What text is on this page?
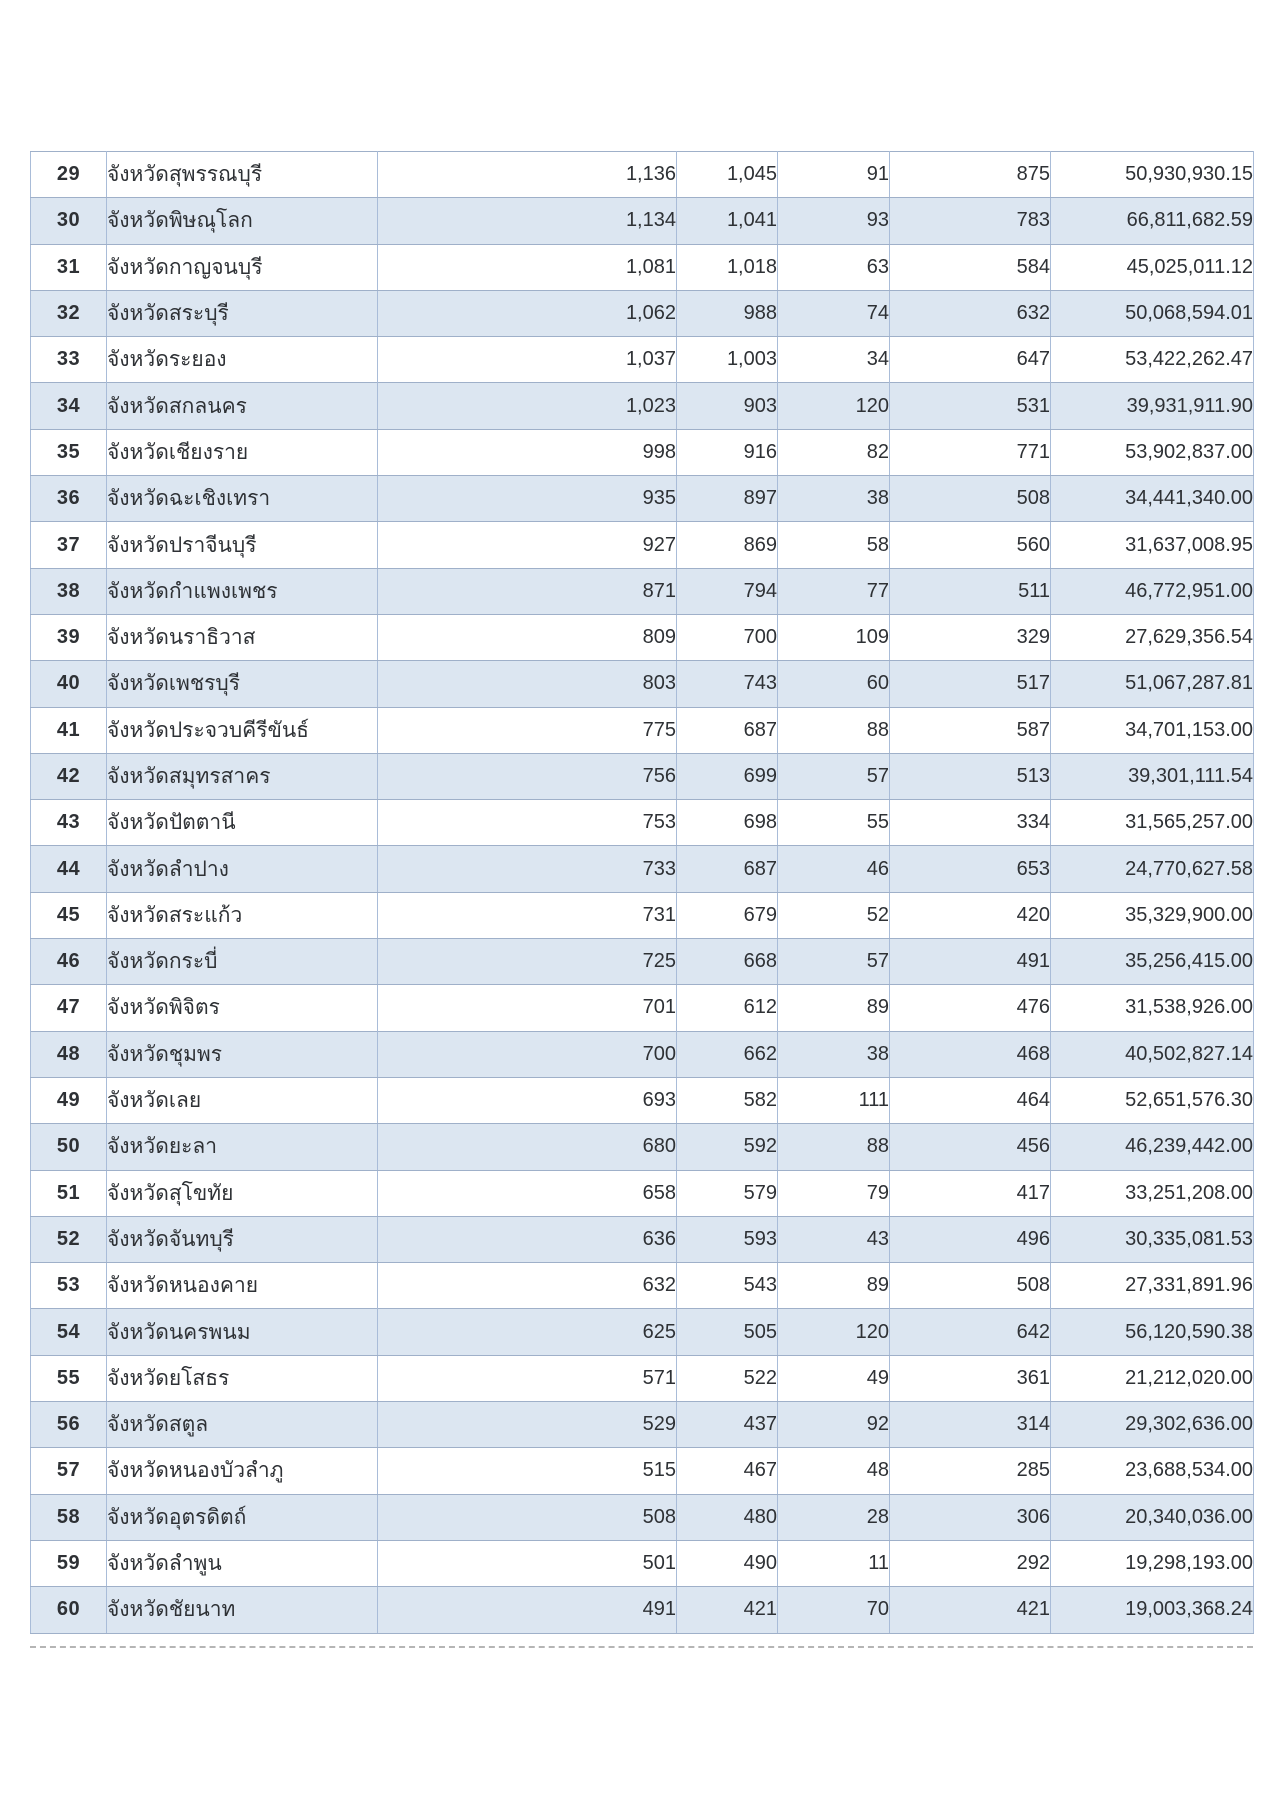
29	จังหวัดสุพรรณบุรี	1,136	1,045	91	875	50,930,930.15
30	จังหวัดพิษณุโลก	1,134	1,041	93	783	66,811,682.59
31	จังหวัดกาญจนบุรี	1,081	1,018	63	584	45,025,011.12
32	จังหวัดสระบุรี	1,062	988	74	632	50,068,594.01
33	จังหวัดระยอง	1,037	1,003	34	647	53,422,262.47
34	จังหวัดสกลนคร	1,023	903	120	531	39,931,911.90
35	จังหวัดเชียงราย	998	916	82	771	53,902,837.00
36	จังหวัดฉะเชิงเทรา	935	897	38	508	34,441,340.00
37	จังหวัดปราจีนบุรี	927	869	58	560	31,637,008.95
38	จังหวัดกำแพงเพชร	871	794	77	511	46,772,951.00
39	จังหวัดนราธิวาส	809	700	109	329	27,629,356.54
40	จังหวัดเพชรบุรี	803	743	60	517	51,067,287.81
41	จังหวัดประจวบคีรีขันธ์	775	687	88	587	34,701,153.00
42	จังหวัดสมุทรสาคร	756	699	57	513	39,301,111.54
43	จังหวัดปัตตานี	753	698	55	334	31,565,257.00
44	จังหวัดลำปาง	733	687	46	653	24,770,627.58
45	จังหวัดสระแก้ว	731	679	52	420	35,329,900.00
46	จังหวัดกระบี่	725	668	57	491	35,256,415.00
47	จังหวัดพิจิตร	701	612	89	476	31,538,926.00
48	จังหวัดชุมพร	700	662	38	468	40,502,827.14
49	จังหวัดเลย	693	582	111	464	52,651,576.30
50	จังหวัดยะลา	680	592	88	456	46,239,442.00
51	จังหวัดสุโขทัย	658	579	79	417	33,251,208.00
52	จังหวัดจันทบุรี	636	593	43	496	30,335,081.53
53	จังหวัดหนองคาย	632	543	89	508	27,331,891.96
54	จังหวัดนครพนม	625	505	120	642	56,120,590.38
55	จังหวัดยโสธร	571	522	49	361	21,212,020.00
56	จังหวัดสตูล	529	437	92	314	29,302,636.00
57	จังหวัดหนองบัวลำภู	515	467	48	285	23,688,534.00
58	จังหวัดอุตรดิตถ์	508	480	28	306	20,340,036.00
59	จังหวัดลำพูน	501	490	11	292	19,298,193.00
60	จังหวัดชัยนาท	491	421	70	421	19,003,368.24
